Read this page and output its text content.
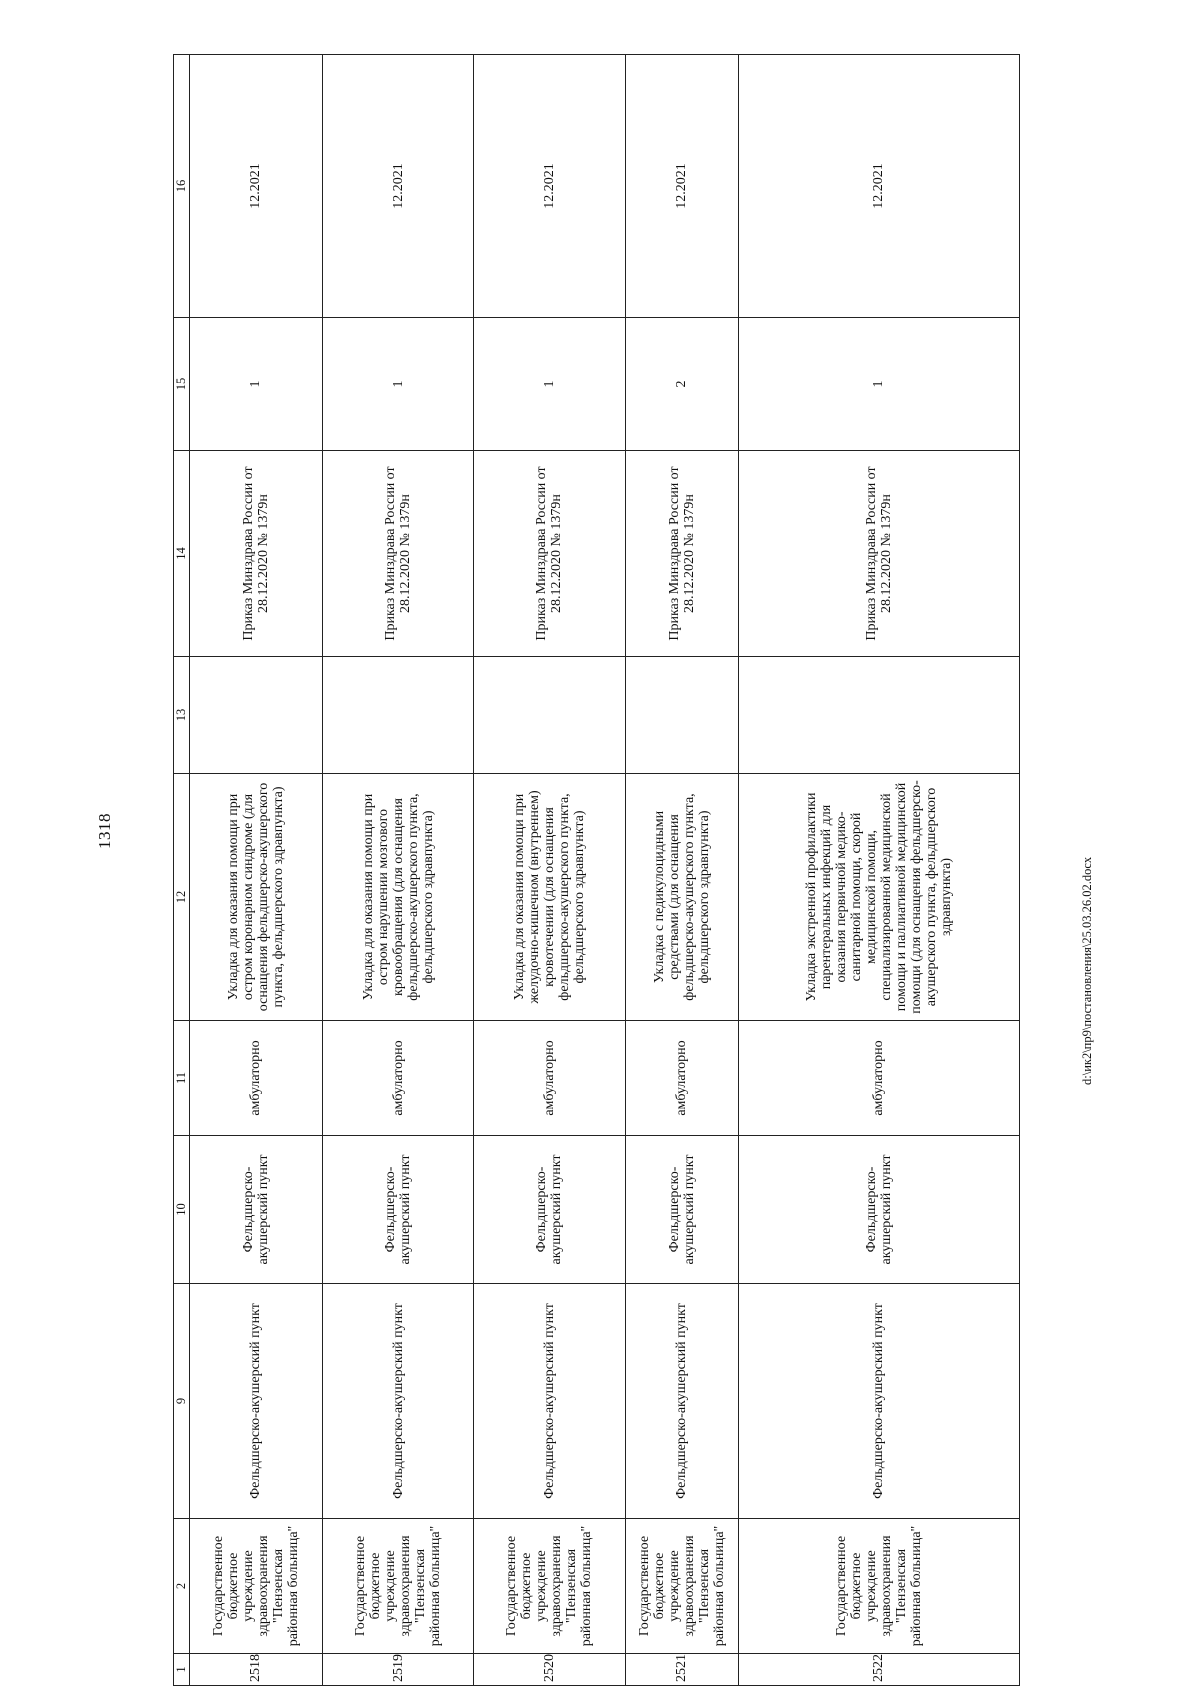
1318
1	2	9	10	11	12	13	14	15	16
2518	Государственное бюджетное учреждение здравоохранения "Пензенская районная больница"	Фельдшерско-акушерский пункт	Фельдшерско-акушерский пункт	амбулаторно	Укладка для оказания помощи при остром коронарном синдроме (для оснащения фельдшерско-акушерского пункта, фельдшерского здравпункта)		Приказ Минздрава России от 28.12.2020 № 1379н	1	12.2021
2519	Государственное бюджетное учреждение здравоохранения "Пензенская районная больница"	Фельдшерско-акушерский пункт	Фельдшерско-акушерский пункт	амбулаторно	Укладка для оказания помощи при остром нарушении мозгового кровообращения (для оснащения фельдшерско-акушерского пункта, фельдшерского здравпункта)		Приказ Минздрава России от 28.12.2020 № 1379н	1	12.2021
2520	Государственное бюджетное учреждение здравоохранения "Пензенская районная больница"	Фельдшерско-акушерский пункт	Фельдшерско-акушерский пункт	амбулаторно	Укладка для оказания помощи при желудочно-кишечном (внутреннем) кровотечении (для оснащения фельдшерско-акушерского пункта, фельдшерского здравпункта)		Приказ Минздрава России от 28.12.2020 № 1379н	1	12.2021
2521	Государственное бюджетное учреждение здравоохранения "Пензенская районная больница"	Фельдшерско-акушерский пункт	Фельдшерско-акушерский пункт	амбулаторно	Укладка с педикулоцидными средствами (для оснащения фельдшерско-акушерского пункта, фельдшерского здравпункта)		Приказ Минздрава России от 28.12.2020 № 1379н	2	12.2021
2522	Государственное бюджетное учреждение здравоохранения "Пензенская районная больница"	Фельдшерско-акушерский пункт	Фельдшерско-акушерский пункт	амбулаторно	Укладка экстренной профилактики парентеральных инфекций для оказания первичной медико-санитарной помощи, скорой медицинской помощи, специализированной медицинской помощи и паллиативной медицинской помощи (для оснащения фельдшерско-акушерского пункта, фельдшерского здравпункта)		Приказ Минздрава России от 28.12.2020 № 1379н	1	12.2021
d:\ик2\пр9\постановления\25.03.26.02.docx
